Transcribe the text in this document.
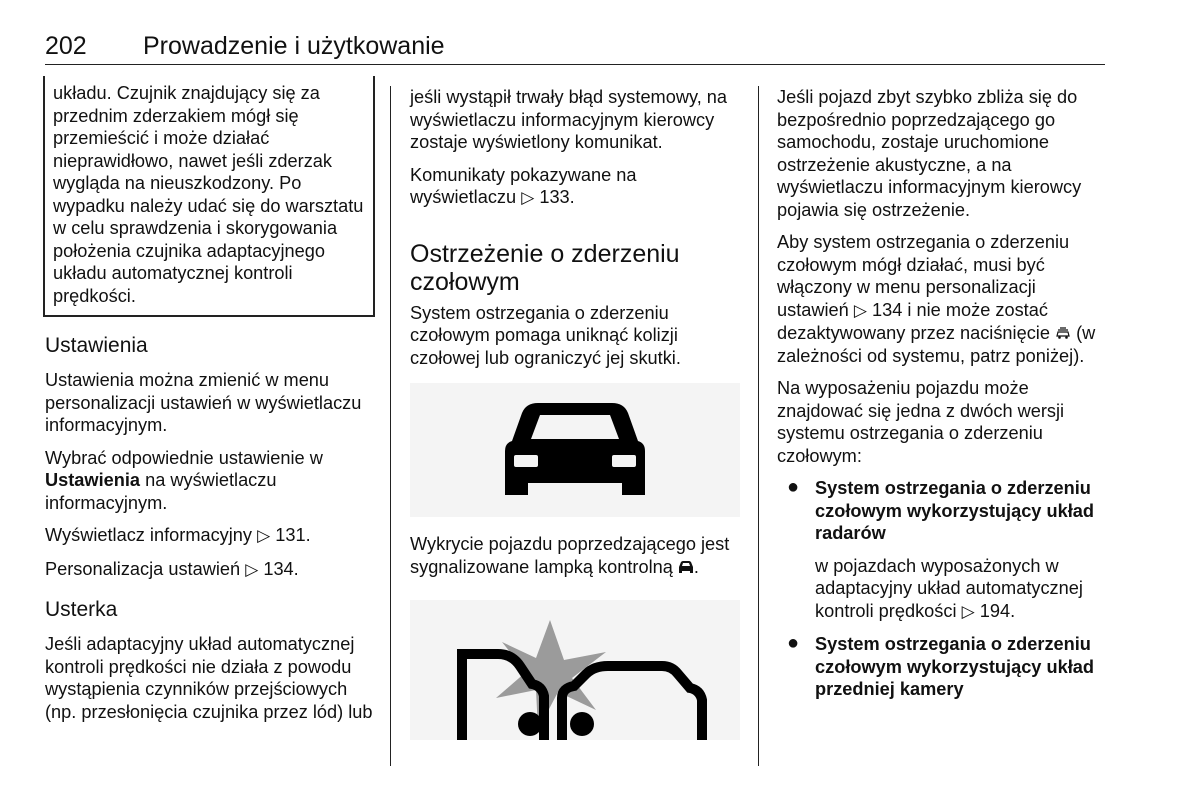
202 Prowadzenie i użytkowanie
układu. Czujnik znajdujący się za przednim zderzakiem mógł się przemieścić i może działać nieprawidłowo, nawet jeśli zderzak wygląda na nieuszkodzony. Po wypadku należy udać się do warsztatu w celu sprawdzenia i skorygowania położenia czujnika adaptacyjnego układu automatycznej kontroli prędkości.
Ustawienia

Ustawienia można zmienić w menu personalizacji ustawień w wyświetlaczu informacyjnym.

Wybrać odpowiednie ustawienie w Ustawienia na wyświetlaczu informacyjnym.

Wyświetlacz informacyjny ▷ 131.

Personalizacja ustawień ▷ 134.

Usterka

Jeśli adaptacyjny układ automatycznej kontroli prędkości nie działa z powodu wystąpienia czynników przejściowych (np. przesłonięcia czujnika przez lód) lub

jeśli wystąpił trwały błąd systemowy, na wyświetlaczu informacyjnym kierowcy zostaje wyświetlony komunikat.

Komunikaty pokazywane na wyświetlaczu ▷ 133.

Ostrzeżenie o zderzeniu czołowym

System ostrzegania o zderzeniu czołowym pomaga uniknąć kolizji czołowej lub ograniczyć jej skutki.

Wykrycie pojazdu poprzedzającego jest sygnalizowane lampką kontrolną .

Jeśli pojazd zbyt szybko zbliża się do bezpośrednio poprzedzającego go samochodu, zostaje uruchomione ostrzeżenie akustyczne, a na wyświetlaczu informacyjnym kierowcy pojawia się ostrzeżenie.

Aby system ostrzegania o zderzeniu czołowym mógł działać, musi być włączony w menu personalizacji ustawień ▷ 134 i nie może zostać dezaktywowany przez naciśnięcie (w zależności od systemu, patrz poniżej).

Na wyposażeniu pojazdu może znajdować się jedna z dwóch wersji systemu ostrzegania o zderzeniu czołowym:

● System ostrzegania o zderzeniu czołowym wykorzystujący układ radarów
w pojazdach wyposażonych w adaptacyjny układ automatycznej kontroli prędkości ▷ 194.
● System ostrzegania o zderzeniu czołowym wykorzystujący układ przedniej kamery
